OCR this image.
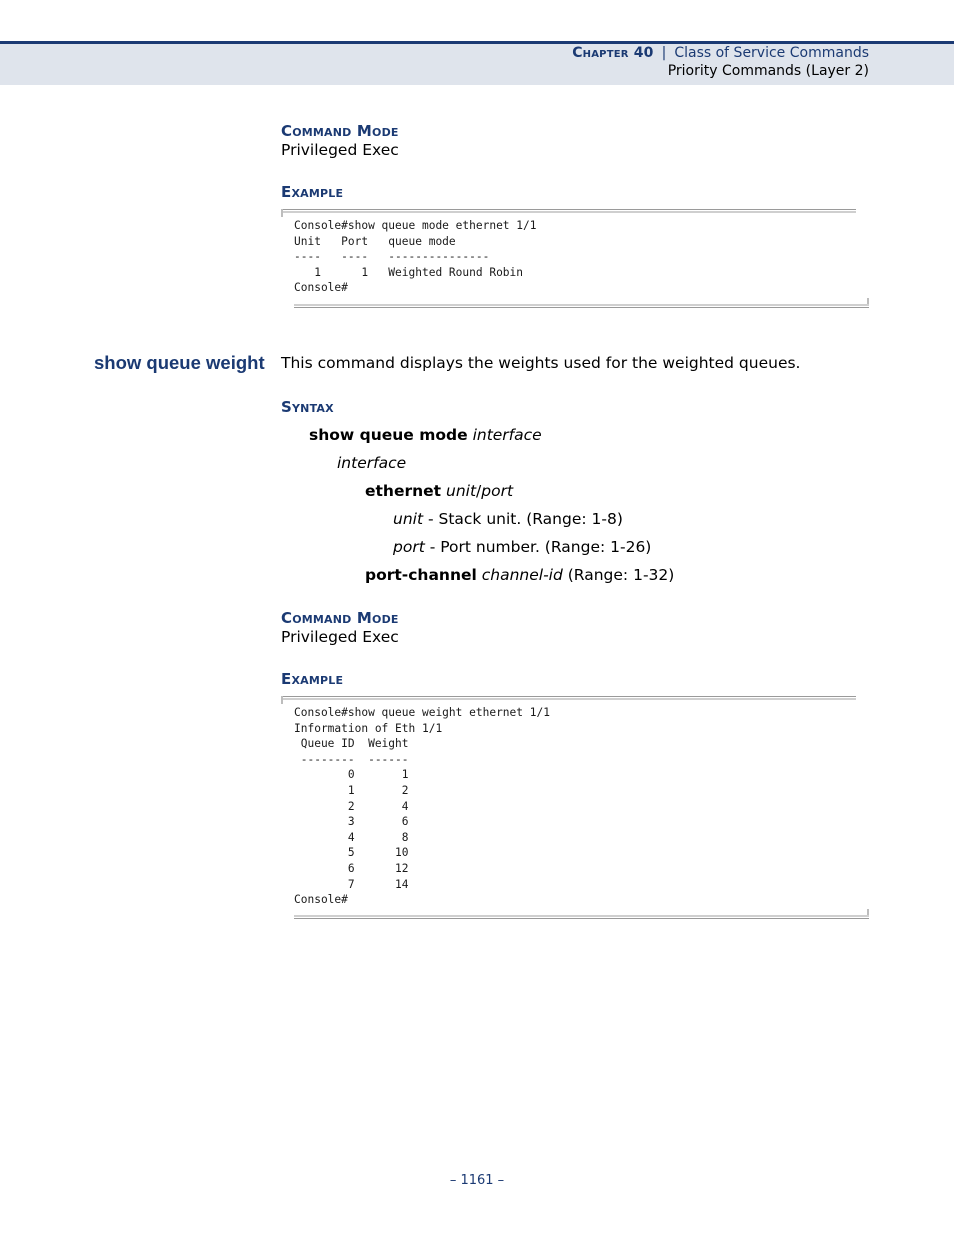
Chapter 40 | Class of Service Commands
Priority Commands (Layer 2)
Command Mode
Privileged Exec
Example
Console#show queue mode ethernet 1/1
Unit   Port   queue mode
----   ----   ---------------
1      1   Weighted Round Robin
Console#
show queue weight This command displays the weights used for the weighted queues.
Syntax
show queue mode interface
interface
ethernet unit/port
unit - Stack unit. (Range: 1-8)
port - Port number. (Range: 1-26)
port-channel channel-id (Range: 1-32)
Command Mode
Privileged Exec
Example
Console#show queue weight ethernet 1/1
Information of Eth 1/1
Queue ID  Weight
--------  ------
0       1
1       2
2       4
3       6
4       8
5      10
6      12
7      14
Console#
– 1161 –
